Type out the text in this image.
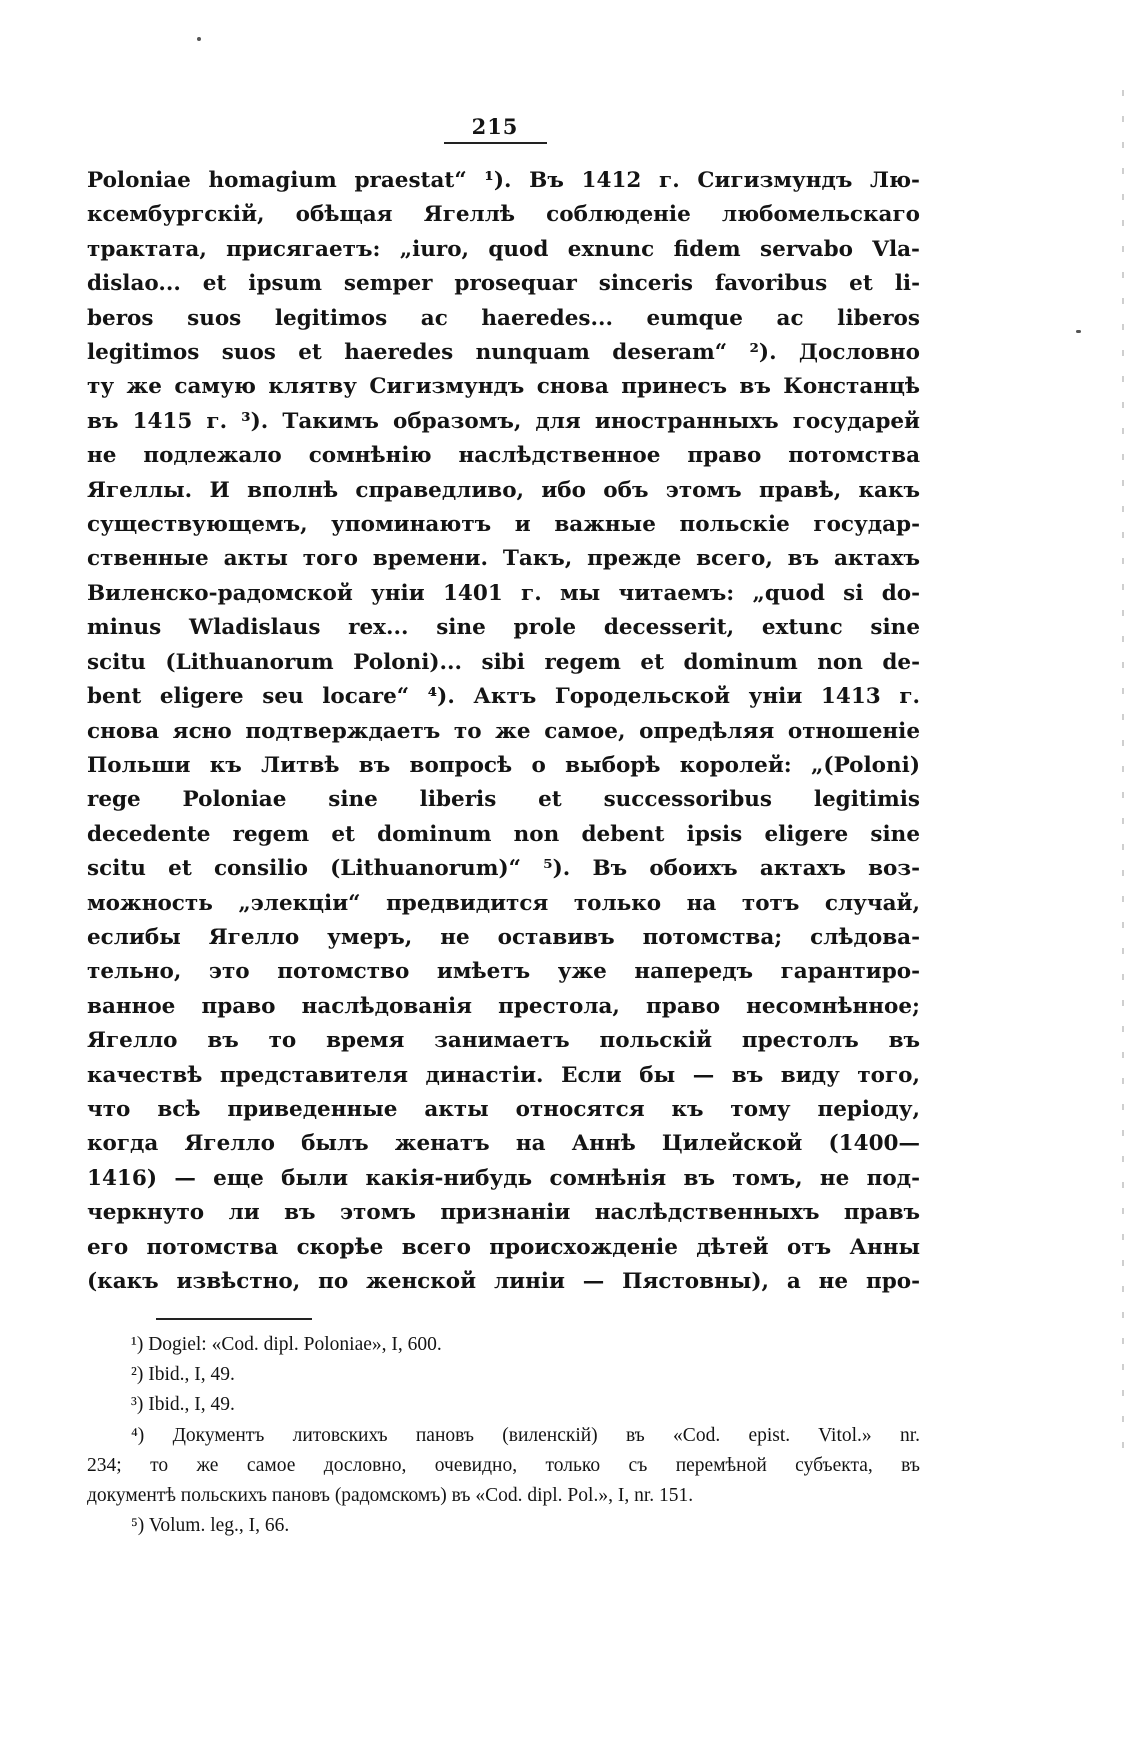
215
Poloniae homagium praestat“ ¹). Въ 1412 г. Сигизмундъ Лю-
ксембургскій, обѣщая Ягеллѣ соблюденіе любомельскаго
трактата, присягаетъ: „iuro, quod exnunc fidem servabo Vla-
dislao... et ipsum semper prosequar sinceris favoribus et li-
beros suos legitimos ac haeredes... eumque ac liberos
legitimos suos et haeredes nunquam deseram“ ²). Дословно
ту же самую клятву Сигизмундъ снова принесъ въ Констанцѣ
въ 1415 г. ³). Такимъ образомъ, для иностранныхъ государей
не подлежало сомнѣнію наслѣдственное право потомства
Ягеллы. И вполнѣ справедливо, ибо объ этомъ правѣ, какъ
существующемъ, упоминаютъ и важные польскіе государ-
ственные акты того времени. Такъ, прежде всего, въ актахъ
Виленско-радомской уніи 1401 г. мы читаемъ: „quod si do-
minus Wladislaus rex... sine prole decesserit, extunc sine
scitu (Lithuanorum Poloni)... sibi regem et dominum non de-
bent eligere seu locare“ ⁴). Актъ Городельской уніи 1413 г.
снова ясно подтверждаетъ то же самое, опредѣляя отношеніе
Польши къ Литвѣ въ вопросѣ о выборѣ королей: „(Poloni)
rege Poloniae sine liberis et successoribus legitimis
decedente regem et dominum non debent ipsis eligere sine
scitu et consilio (Lithuanorum)“ ⁵). Въ обоихъ актахъ воз-
можность „элекціи“ предвидится только на тотъ случай,
еслибы Ягелло умеръ, не оставивъ потомства; слѣдова-
тельно, это потомство имѣетъ уже напередъ гарантиро-
ванное право наслѣдованія престола, право несомнѣнное;
Ягелло въ то время занимаетъ польскій престолъ въ
качествѣ представителя династіи. Если бы — въ виду того,
что всѣ приведенные акты относятся къ тому періоду,
когда Ягелло былъ женатъ на Аннѣ Цилейской (1400—
1416) — еще были какія-нибудь сомнѣнія въ томъ, не под-
черкнуто ли въ этомъ признаніи наслѣдственныхъ правъ
его потомства скорѣе всего происхожденіе дѣтей отъ Анны
(какъ извѣстно, по женской линіи — Пястовны), а не про-
¹) Dogiel: «Cod. dipl. Poloniae», I, 600.
²) Ibid., I, 49.
³) Ibid., I, 49.
⁴) Документъ литовскихъ пановъ (виленскій) въ «Cod. epist. Vitol.» nr.
234; то же самое дословно, очевидно, только съ перемѣной субъекта, въ
документѣ польскихъ пановъ (радомскомъ) въ «Cod. dipl. Pol.», I, nr. 151.
⁵) Volum. leg., I, 66.
